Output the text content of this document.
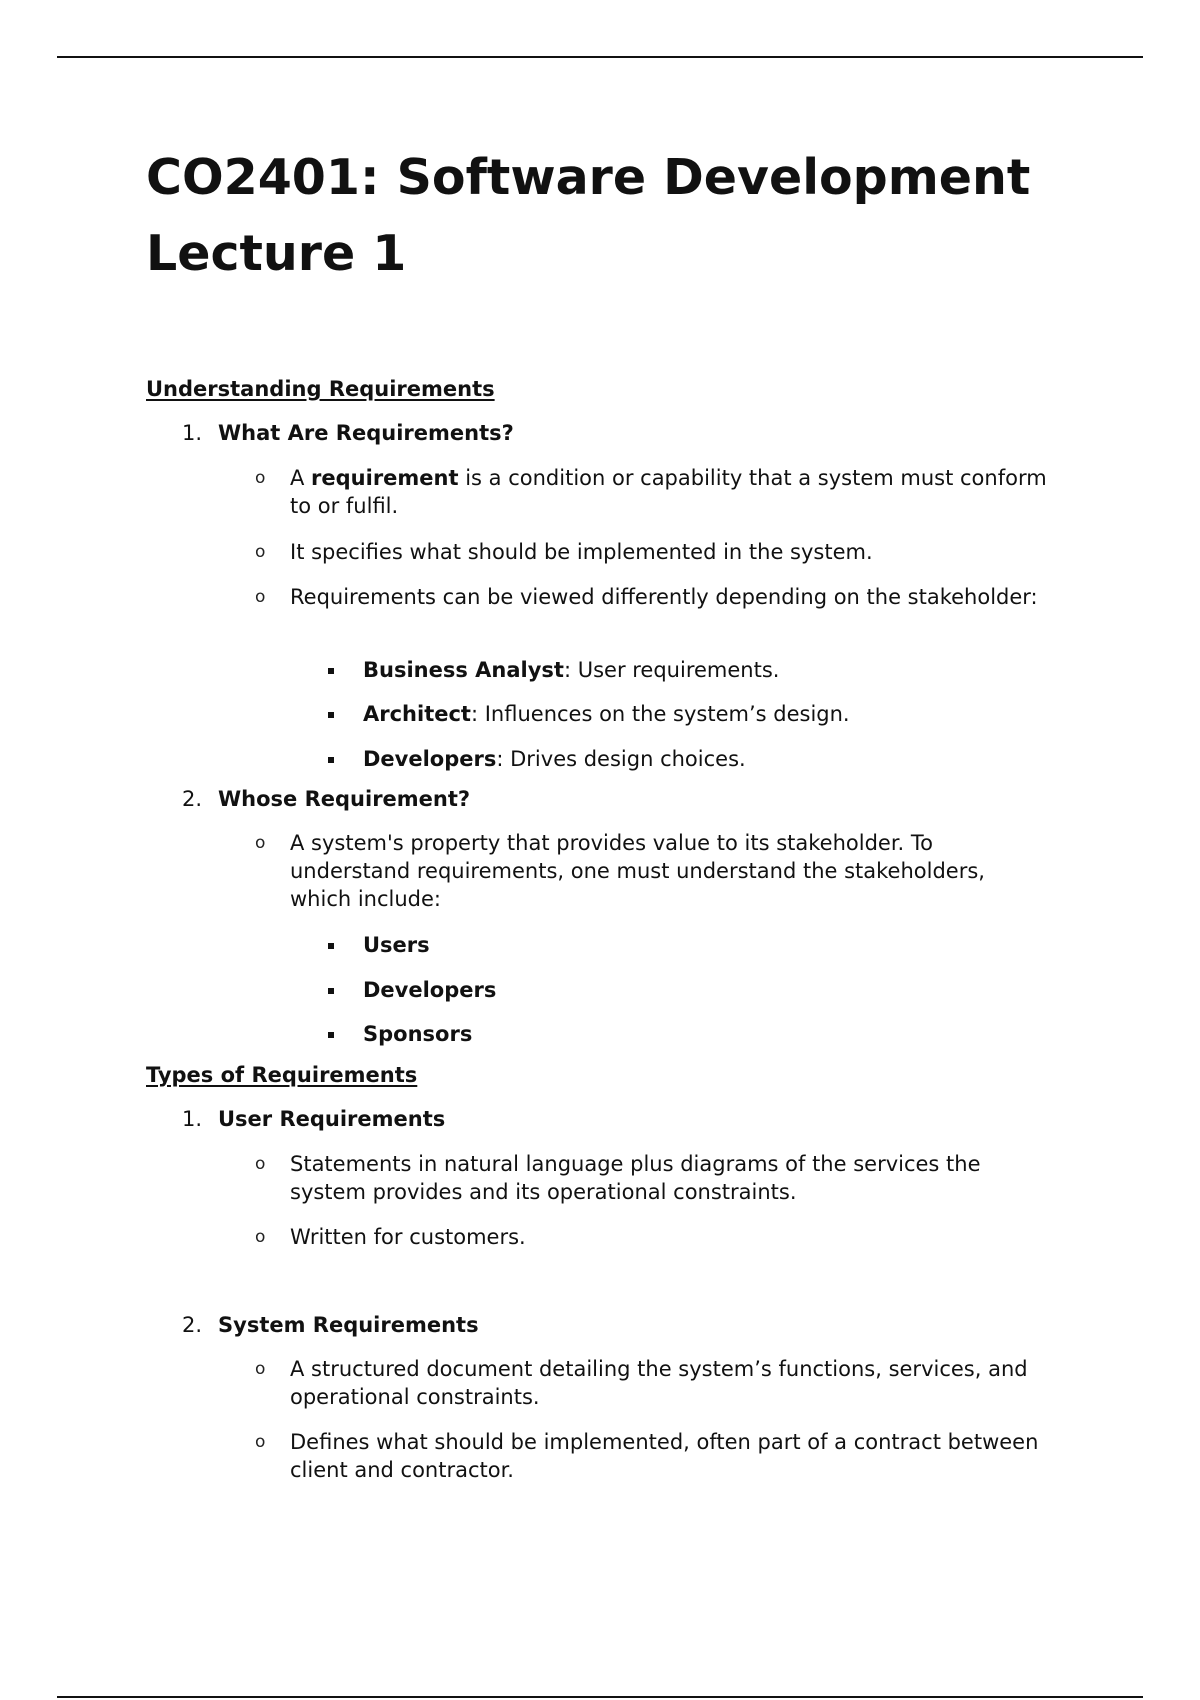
CO2401: Software Development
Lecture 1
Understanding Requirements
1. What Are Requirements?
o A requirement is a condition or capability that a system must conform to or fulfil.
o It specifies what should be implemented in the system.
o Requirements can be viewed differently depending on the stakeholder:
Business Analyst: User requirements.
Architect: Influences on the system’s design.
Developers: Drives design choices.
2. Whose Requirement?
o A system's property that provides value to its stakeholder. To understand requirements, one must understand the stakeholders, which include:
Users
Developers
Sponsors
Types of Requirements
1. User Requirements
o Statements in natural language plus diagrams of the services the system provides and its operational constraints.
o Written for customers.
2. System Requirements
o A structured document detailing the system’s functions, services, and operational constraints.
o Defines what should be implemented, often part of a contract between client and contractor.
